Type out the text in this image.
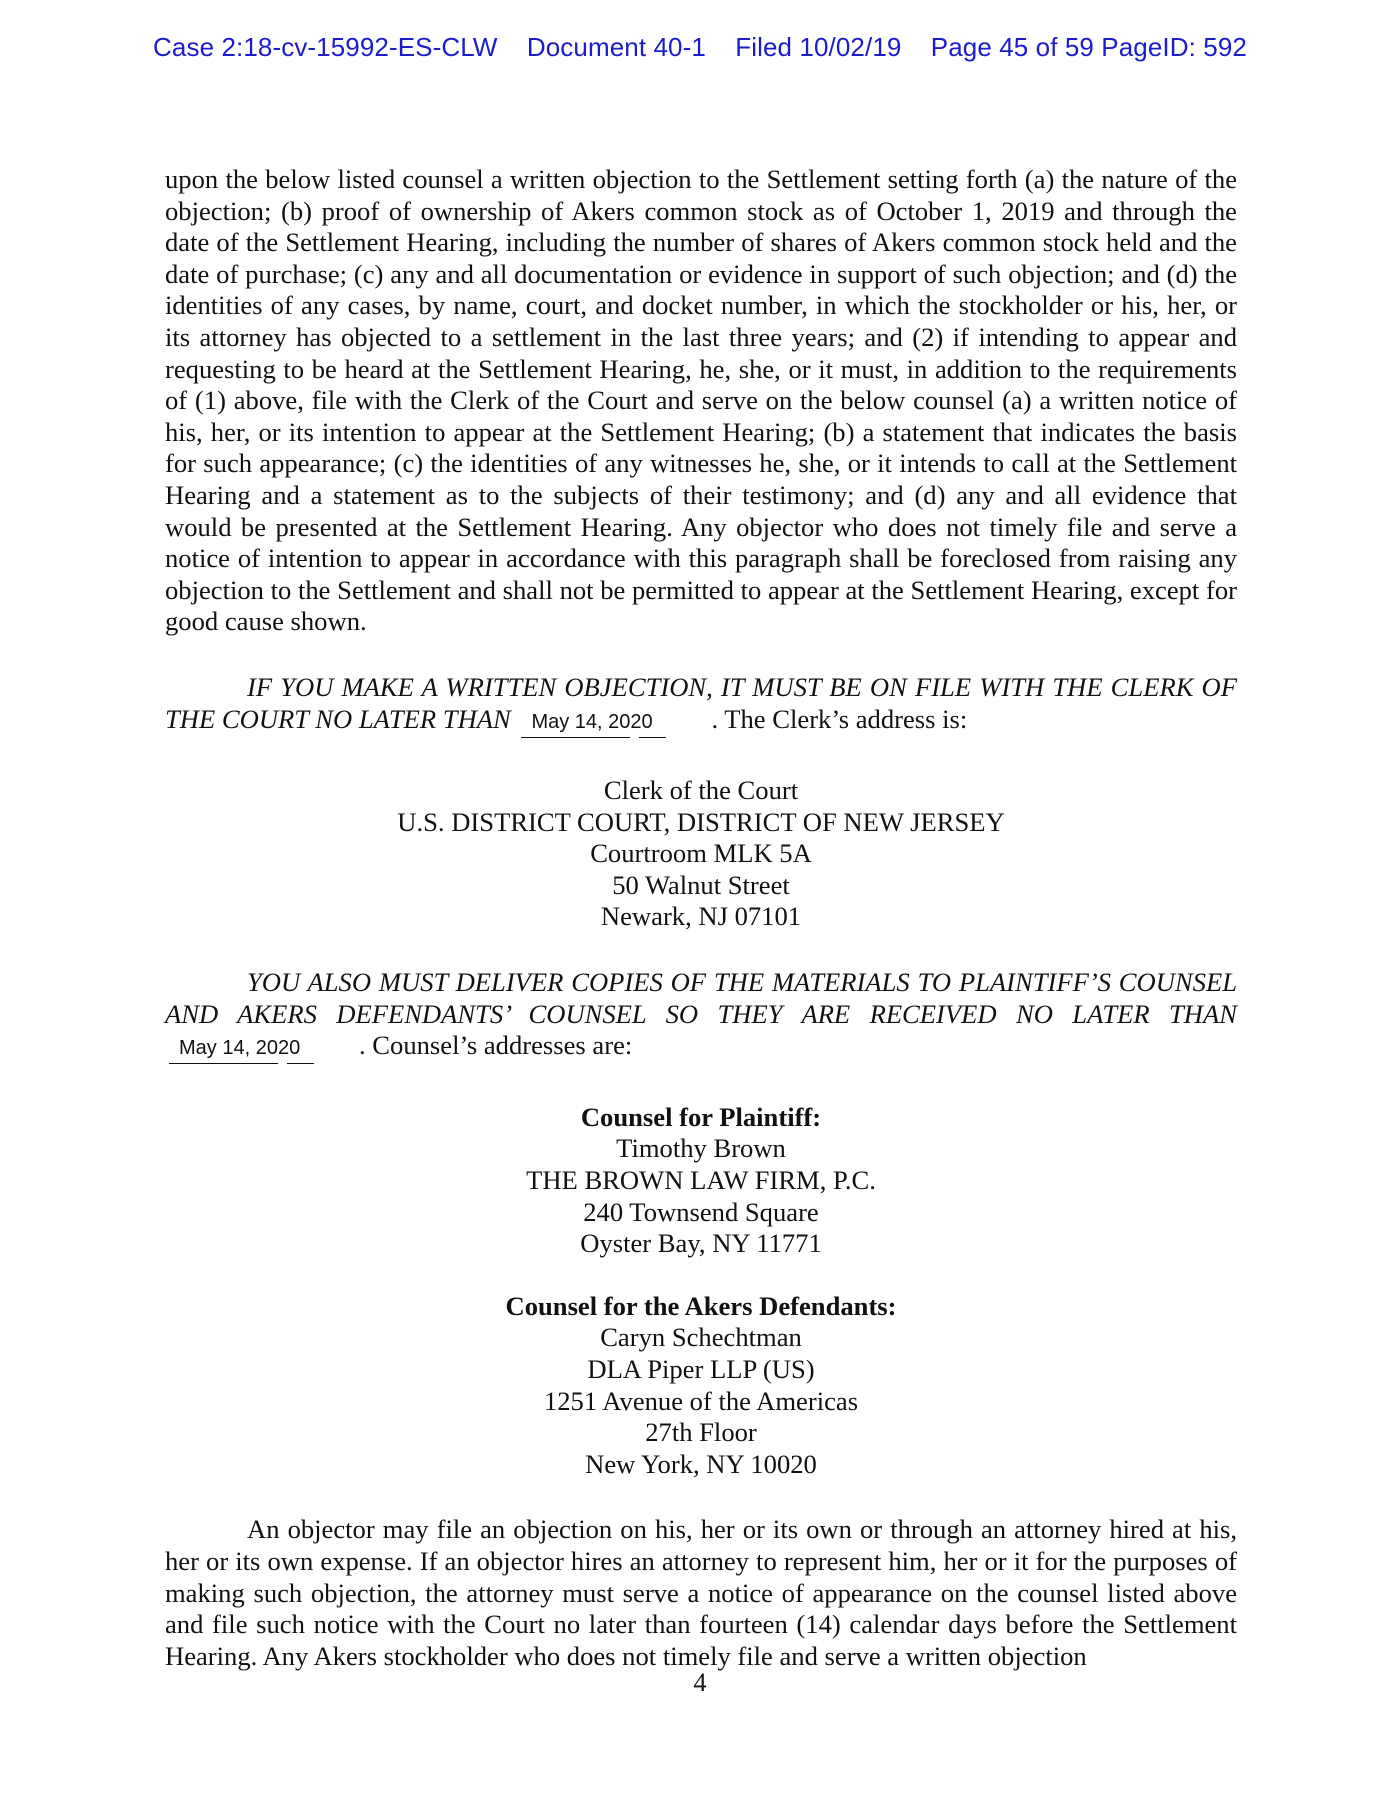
Case 2:18-cv-15992-ES-CLW Document 40-1 Filed 10/02/19 Page 45 of 59 PageID: 592

upon the below listed counsel a written objection to the Settlement setting forth (a) the nature of the objection; (b) proof of ownership of Akers common stock as of October 1, 2019 and through the date of the Settlement Hearing, including the number of shares of Akers common stock held and the date of purchase; (c) any and all documentation or evidence in support of such objection; and (d) the identities of any cases, by name, court, and docket number, in which the stockholder or his, her, or its attorney has objected to a settlement in the last three years; and (2) if intending to appear and requesting to be heard at the Settlement Hearing, he, she, or it must, in addition to the requirements of (1) above, file with the Clerk of the Court and serve on the below counsel (a) a written notice of his, her, or its intention to appear at the Settlement Hearing; (b) a statement that indicates the basis for such appearance; (c) the identities of any witnesses he, she, or it intends to call at the Settlement Hearing and a statement as to the subjects of their testimony; and (d) any and all evidence that would be presented at the Settlement Hearing. Any objector who does not timely file and serve a notice of intention to appear in accordance with this paragraph shall be foreclosed from raising any objection to the Settlement and shall not be permitted to appear at the Settlement Hearing, except for good cause shown.

IF YOU MAKE A WRITTEN OBJECTION, IT MUST BE ON FILE WITH THE CLERK OF THE COURT NO LATER THAN May 14, 2020 . The Clerk’s address is:

Clerk of the Court
U.S. DISTRICT COURT, DISTRICT OF NEW JERSEY
Courtroom MLK 5A
50 Walnut Street
Newark, NJ 07101

YOU ALSO MUST DELIVER COPIES OF THE MATERIALS TO PLAINTIFF’S COUNSEL AND AKERS DEFENDANTS’ COUNSEL SO THEY ARE RECEIVED NO LATER THAN May 14, 2020 . Counsel’s addresses are:

Counsel for Plaintiff:
Timothy Brown
THE BROWN LAW FIRM, P.C.
240 Townsend Square
Oyster Bay, NY 11771
Counsel for the Akers Defendants:
Caryn Schechtman
DLA Piper LLP (US)
1251 Avenue of the Americas
27th Floor
New York, NY 10020

An objector may file an objection on his, her or its own or through an attorney hired at his, her or its own expense. If an objector hires an attorney to represent him, her or it for the purposes of making such objection, the attorney must serve a notice of appearance on the counsel listed above and file such notice with the Court no later than fourteen (14) calendar days before the Settlement Hearing. Any Akers stockholder who does not timely file and serve a written objection

4
